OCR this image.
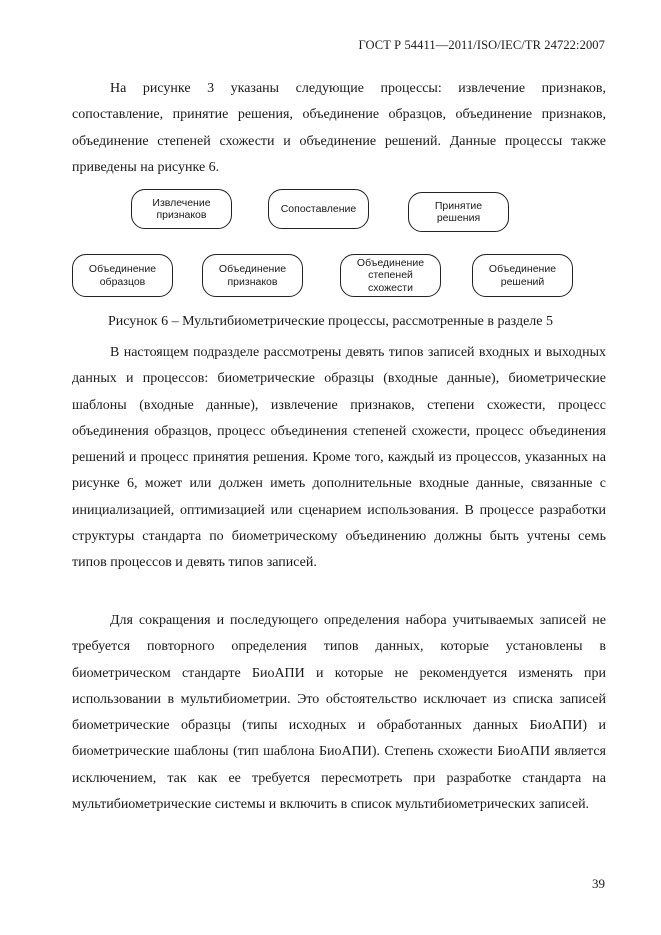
ГОСТ Р 54411—2011/ISO/IEC/TR 24722:2007

На рисунке 3 указаны следующие процессы: извлечение признаков, сопоставление, принятие решения, объединение образцов, объединение признаков, объединение степеней схожести и объединение решений. Данные процессы также приведены на рисунке 6.

Извлечение признаков
Сопоставление	Принятие решения
Объединение образцов
Объединение признаков
Объединение степеней схожести
Объединение решений
Рисунок 6 – Мультибиометрические процессы, рассмотренные в разделе 5

В настоящем подразделе рассмотрены девять типов записей входных и выходных данных и процессов: биометрические образцы (входные данные), биометрические шаблоны (входные данные), извлечение признаков, степени схожести, процесс объединения образцов, процесс объединения степеней схожести, процесс объединения решений и процесс принятия решения. Кроме того, каждый из процессов, указанных на рисунке 6, может или должен иметь дополнительные входные данные, связанные с инициализацией, оптимизацией или сценарием использования. В процессе разработки структуры стандарта по биометрическому объединению должны быть учтены семь типов процессов и девять типов записей.

Для сокращения и последующего определения набора учитываемых записей не требуется повторного определения типов данных, которые установлены в биометрическом стандарте БиоАПИ и которые не рекомендуется изменять при использовании в мультибиометрии. Это обстоятельство исключает из списка записей биометрические образцы (типы исходных и обработанных данных БиоАПИ) и биометрические шаблоны (тип шаблона БиоАПИ). Степень схожести БиоАПИ является исключением, так как ее требуется пересмотреть при разработке стандарта на мультибиометрические системы и включить в список мультибиометрических записей.

39
